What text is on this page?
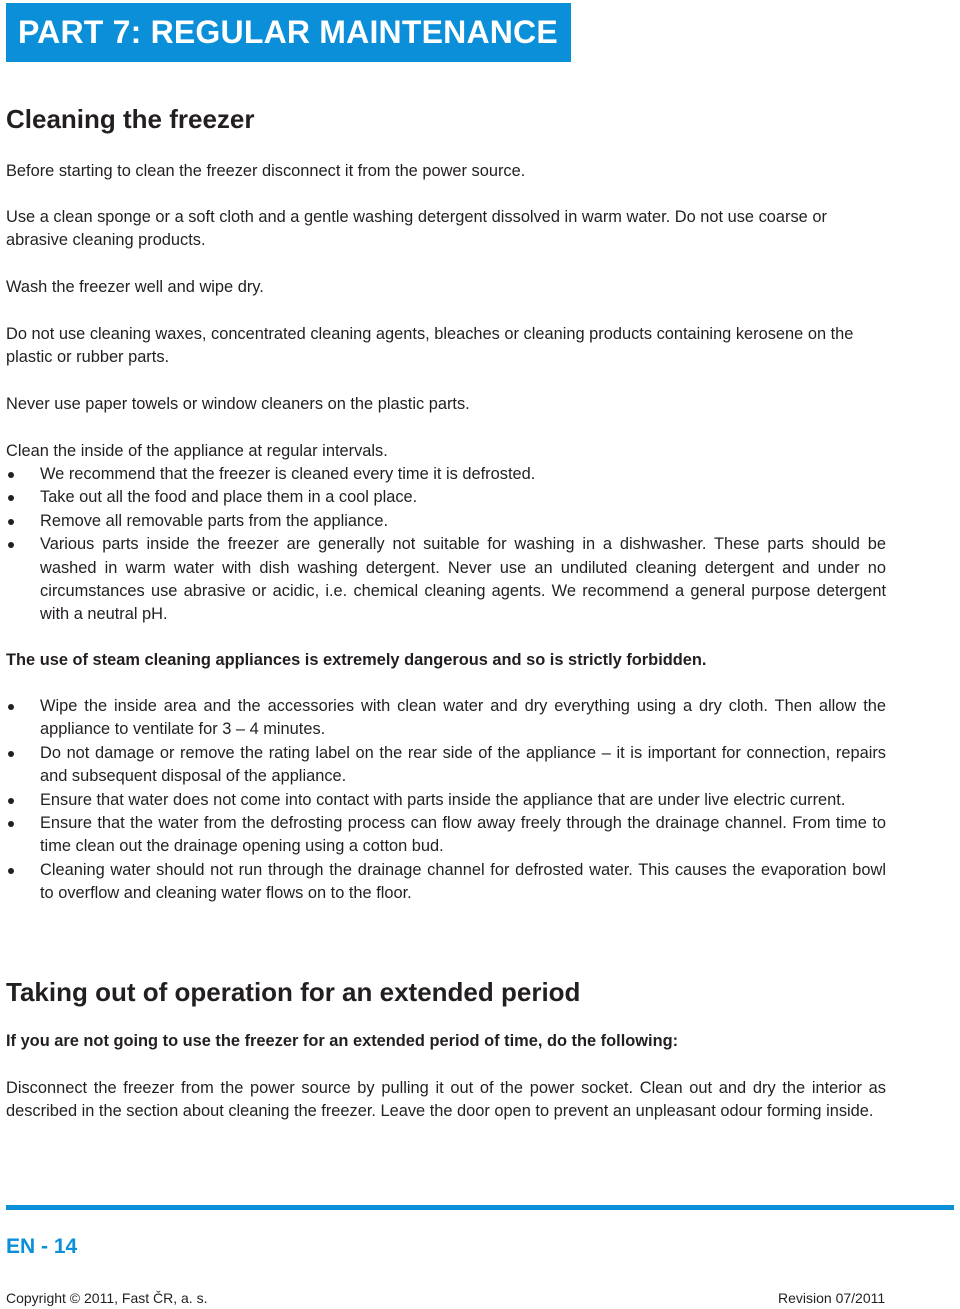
PART 7: REGULAR MAINTENANCE
Cleaning the freezer

Before starting to clean the freezer disconnect it from the power source.

Use a clean sponge or a soft cloth and a gentle washing detergent dissolved in warm water. Do not use coarse or abrasive cleaning products.

Wash the freezer well and wipe dry.

Do not use cleaning waxes, concentrated cleaning agents, bleaches or cleaning products containing kerosene on the plastic or rubber parts.

Never use paper towels or window cleaners on the plastic parts.

Clean the inside of the appliance at regular intervals.

We recommend that the freezer is cleaned every time it is defrosted.
Take out all the food and place them in a cool place.
Remove all removable parts from the appliance.
Various parts inside the freezer are generally not suitable for washing in a dishwasher. These parts should be washed in warm water with dish washing detergent. Never use an undiluted cleaning detergent and under no circumstances use abrasive or acidic, i.e. chemical cleaning agents. We recommend a general purpose detergent with a neutral pH.

The use of steam cleaning appliances is extremely dangerous and so is strictly forbidden.

Wipe the inside area and the accessories with clean water and dry everything using a dry cloth. Then allow the appliance to ventilate for 3 – 4 minutes.
Do not damage or remove the rating label on the rear side of the appliance – it is important for connection, repairs and subsequent disposal of the appliance.
Ensure that water does not come into contact with parts inside the appliance that are under live electric current.
Ensure that the water from the defrosting process can flow away freely through the drainage channel. From time to time clean out the drainage opening using a cotton bud.
Cleaning water should not run through the drainage channel for defrosted water. This causes the evaporation bowl to overflow and cleaning water flows on to the floor.
Taking out of operation for an extended period

If you are not going to use the freezer for an extended period of time, do the following:

Disconnect the freezer from the power source by pulling it out of the power socket. Clean out and dry the interior as described in the section about cleaning the freezer. Leave the door open to prevent an unpleasant odour forming inside.

EN - 14
Copyright © 2011, Fast ČR, a. s.	Revision 07/2011
